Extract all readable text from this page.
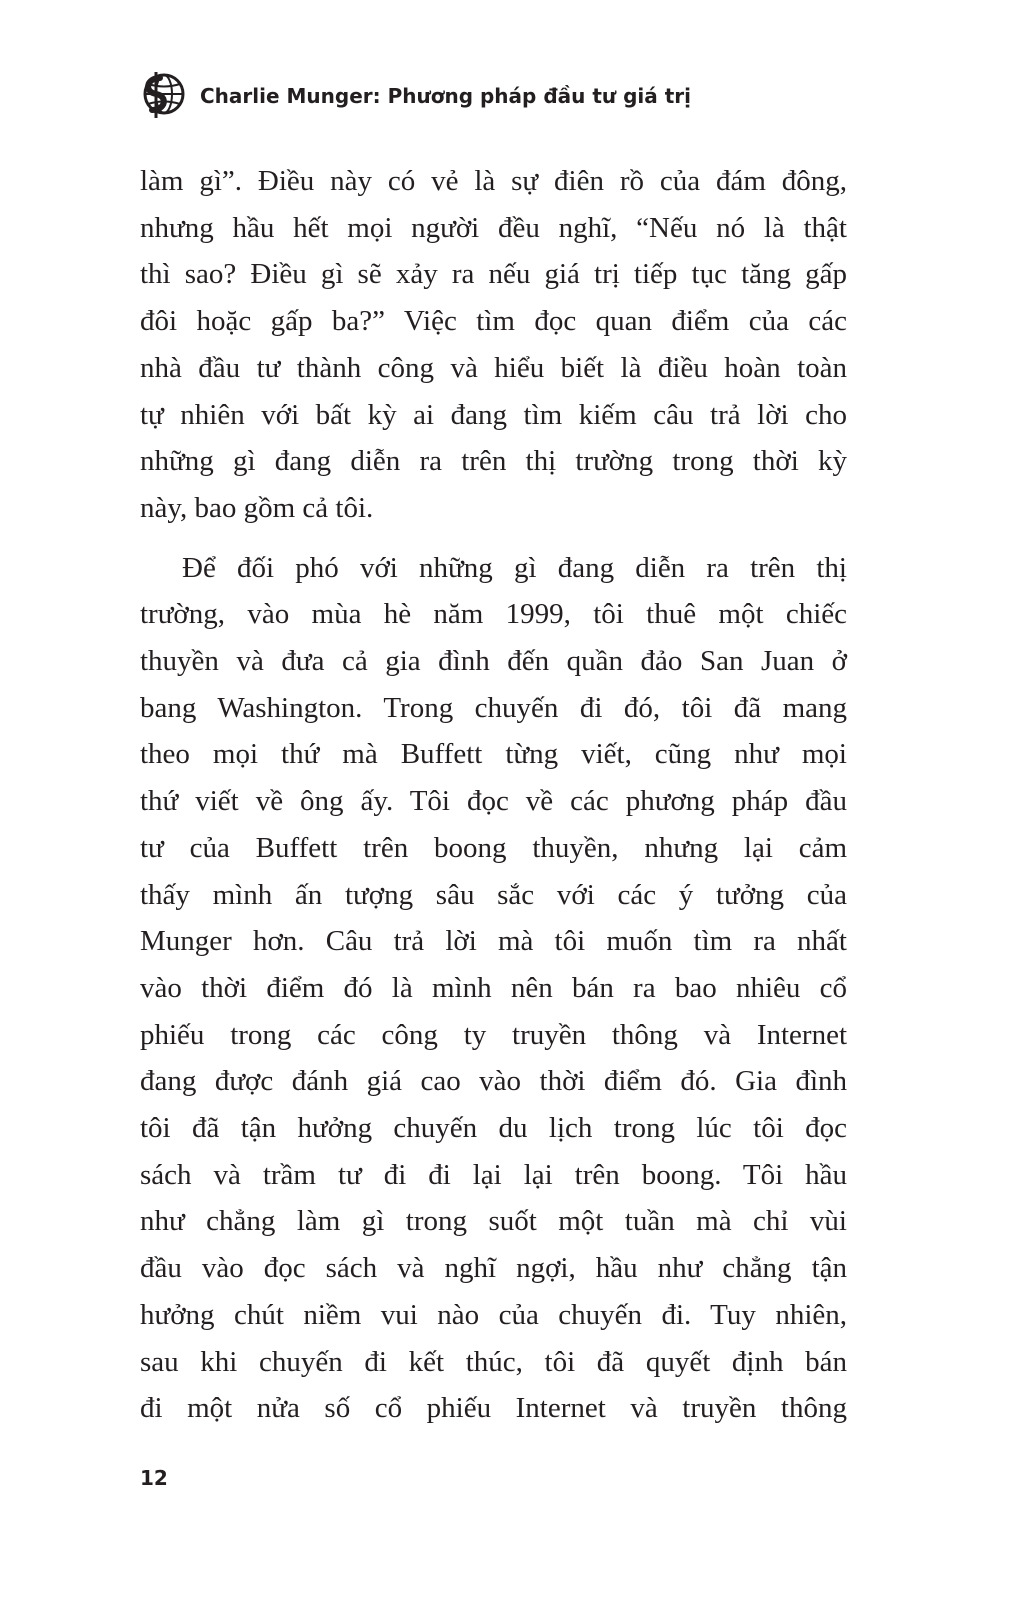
Charlie Munger: Phương pháp đầu tư giá trị

làm gì”. Điều này có vẻ là sự điên rồ của đám đông,
nhưng hầu hết mọi người đều nghĩ, “Nếu nó là thật
thì sao? Điều gì sẽ xảy ra nếu giá trị tiếp tục tăng gấp
đôi hoặc gấp ba?” Việc tìm đọc quan điểm của các
nhà đầu tư thành công và hiểu biết là điều hoàn toàn
tự nhiên với bất kỳ ai đang tìm kiếm câu trả lời cho
những gì đang diễn ra trên thị trường trong thời kỳ
này, bao gồm cả tôi.

Để đối phó với những gì đang diễn ra trên thị
trường, vào mùa hè năm 1999, tôi thuê một chiếc
thuyền và đưa cả gia đình đến quần đảo San Juan ở
bang Washington. Trong chuyến đi đó, tôi đã mang
theo mọi thứ mà Buffett từng viết, cũng như mọi
thứ viết về ông ấy. Tôi đọc về các phương pháp đầu
tư của Buffett trên boong thuyền, nhưng lại cảm
thấy mình ấn tượng sâu sắc với các ý tưởng của
Munger hơn. Câu trả lời mà tôi muốn tìm ra nhất
vào thời điểm đó là mình nên bán ra bao nhiêu cổ
phiếu trong các công ty truyền thông và Internet
đang được đánh giá cao vào thời điểm đó. Gia đình
tôi đã tận hưởng chuyến du lịch trong lúc tôi đọc
sách và trầm tư đi đi lại lại trên boong. Tôi hầu
như chẳng làm gì trong suốt một tuần mà chỉ vùi
đầu vào đọc sách và nghĩ ngợi, hầu như chẳng tận
hưởng chút niềm vui nào của chuyến đi. Tuy nhiên,
sau khi chuyến đi kết thúc, tôi đã quyết định bán
đi một nửa số cổ phiếu Internet và truyền thông

12
